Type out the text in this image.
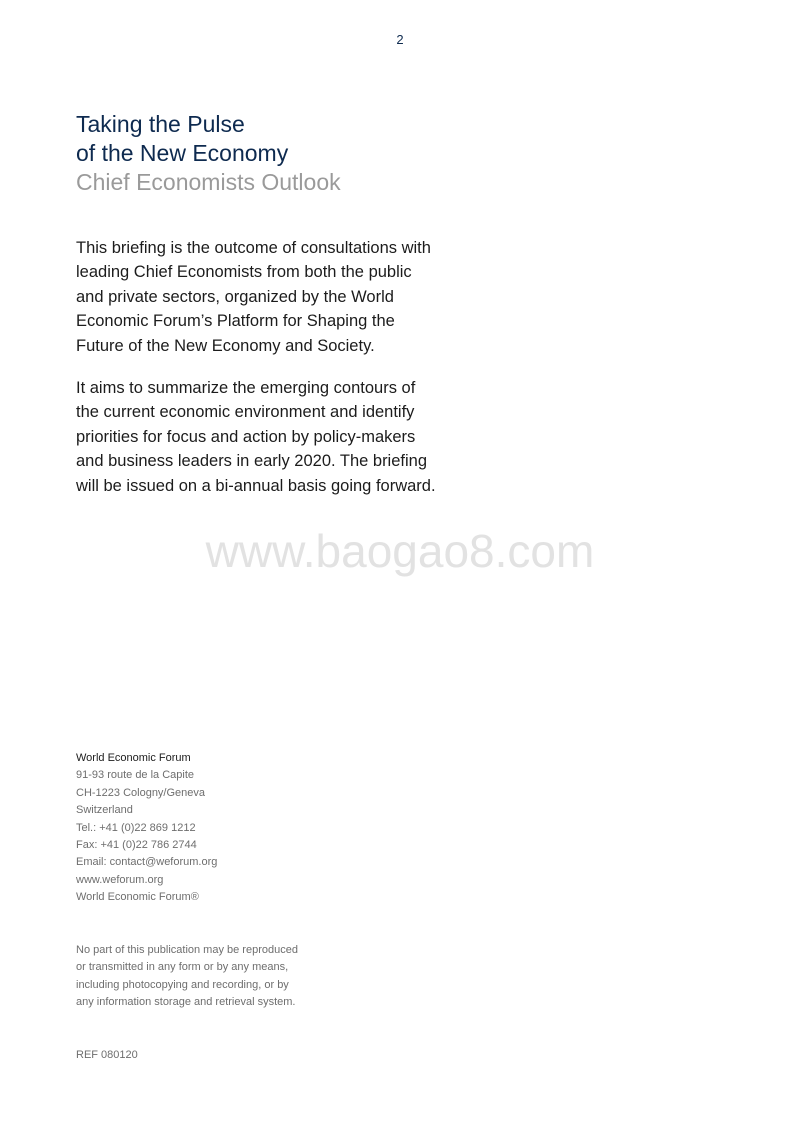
2
Taking the Pulse
of the New Economy
Chief Economists Outlook

This briefing is the outcome of consultations with
leading Chief Economists from both the public
and private sectors, organized by the World
Economic Forum’s Platform for Shaping the
Future of the New Economy and Society.

It aims to summarize the emerging contours of
the current economic environment and identify
priorities for focus and action by policy-makers
and business leaders in early 2020. The briefing
will be issued on a bi-annual basis going forward.

www.baogao8.com
World Economic Forum
91-93 route de la Capite
CH-1223 Cologny/Geneva
Switzerland
Tel.: +41 (0)22 869 1212
Fax: +41 (0)22 786 2744
Email: contact@weforum.org
www.weforum.org
World Economic Forum®
No part of this publication may be reproduced
or transmitted in any form or by any means,
including photocopying and recording, or by
any information storage and retrieval system.
REF 080120
